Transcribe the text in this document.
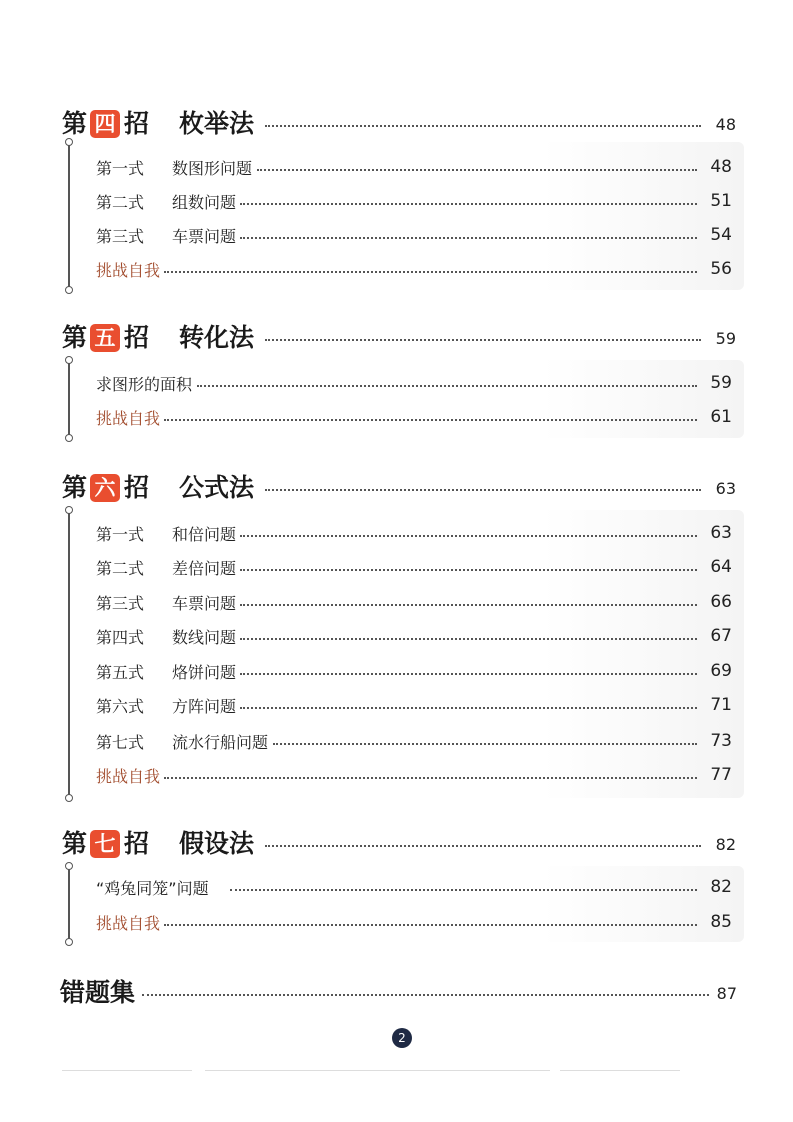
第 四 招 枚举法	48
第一式	数图形问题	48
第二式	组数问题	51
第三式	车票问题	54
挑战自我	56
第 五 招 转化法	59
求图形的面积	59
挑战自我	61
第 六 招 公式法	63
第一式	和倍问题	63
第二式	差倍问题	64
第三式	车票问题	66
第四式	数线问题	67
第五式	烙饼问题	69
第六式	方阵问题	71
第七式	流水行船问题	73
挑战自我	77
第 七 招 假设法	82
“鸡兔同笼”问题	82
挑战自我	85
错题集	87
2
